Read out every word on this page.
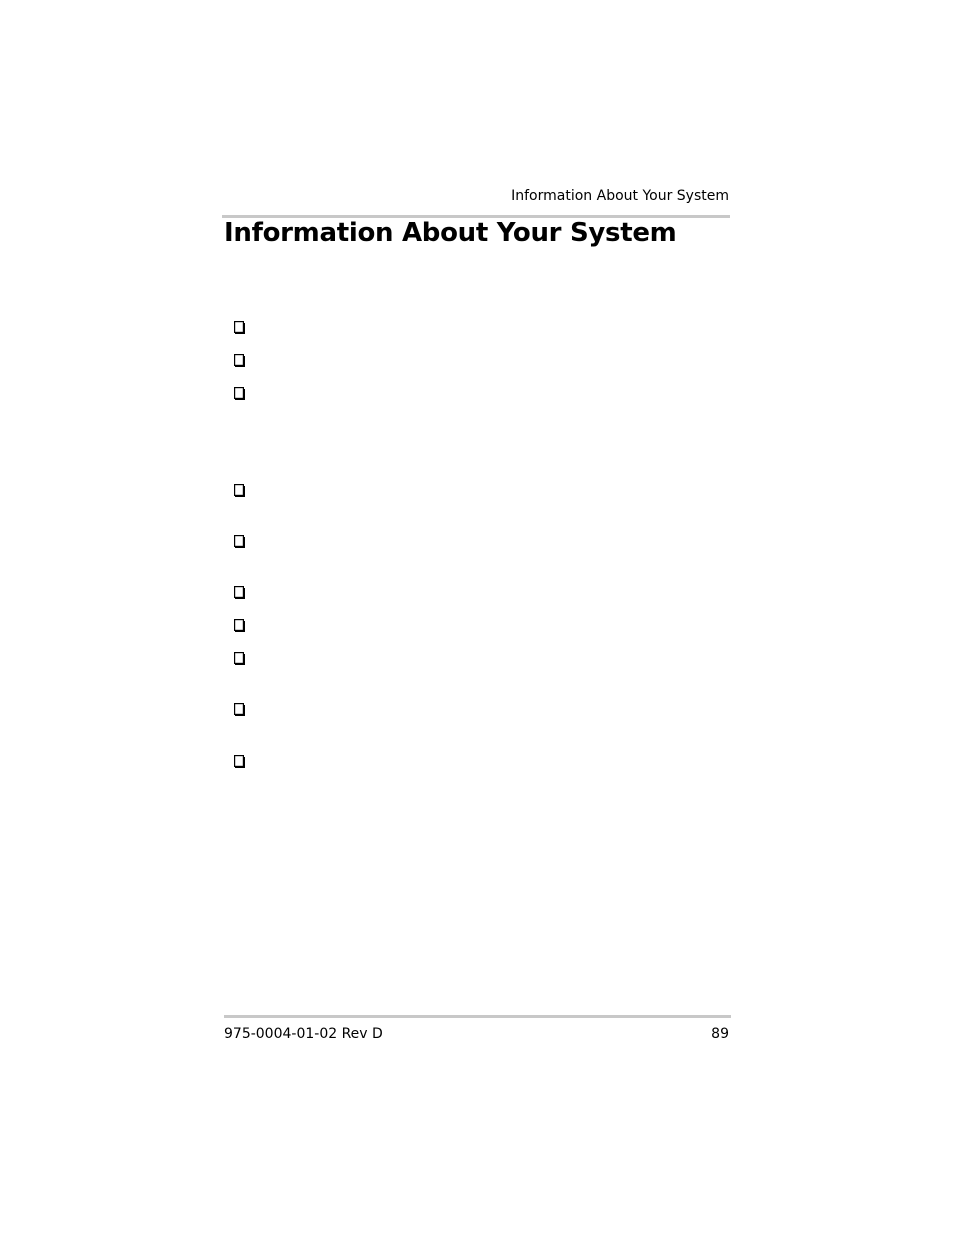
Information About Your System
Information About Your System
975-0004-01-02 Rev D	89
